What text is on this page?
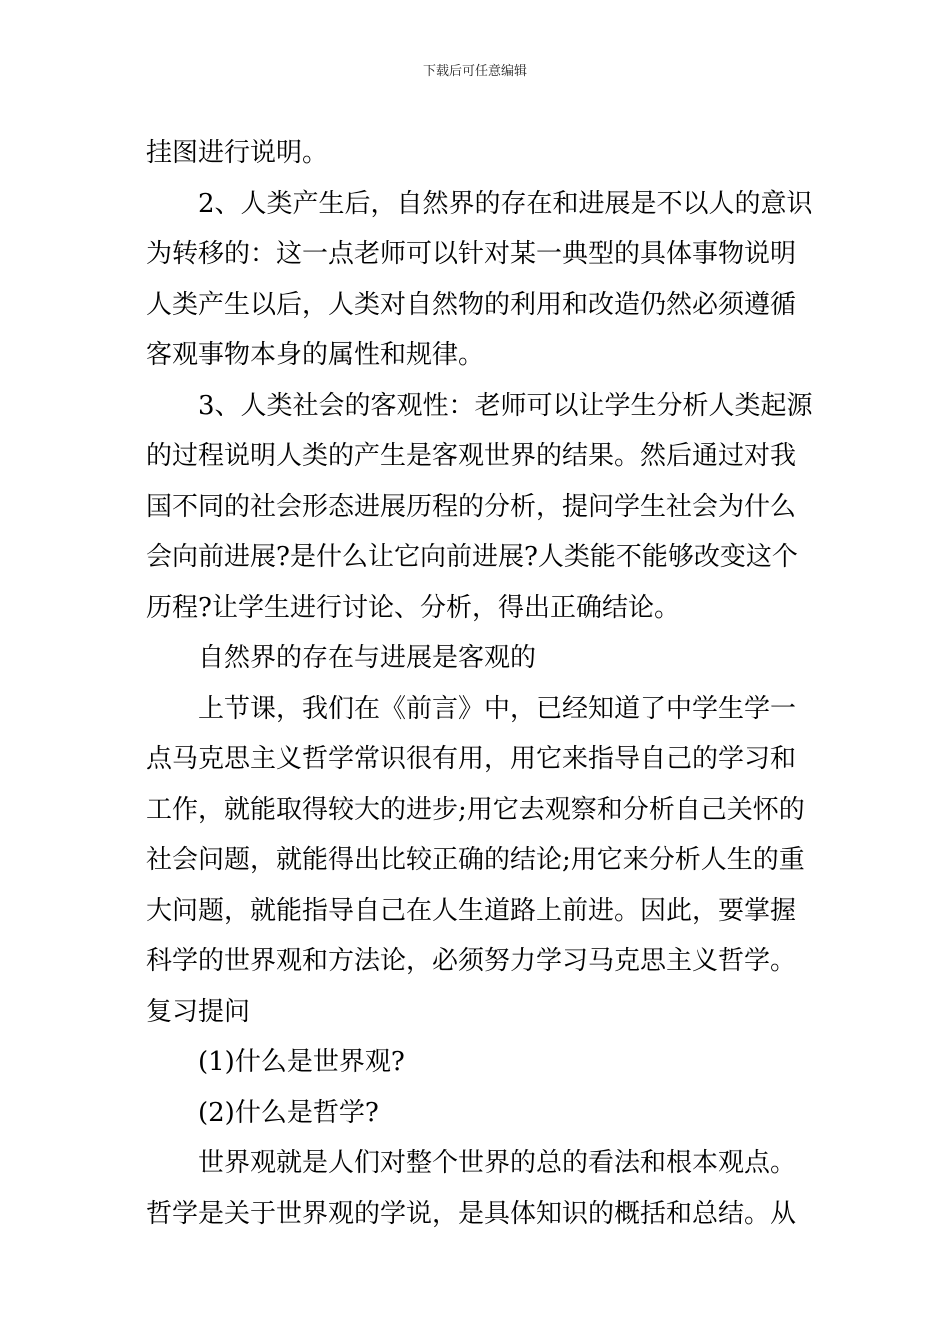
下载后可任意编辑
挂图进行说明。
2、人类产生后，自然界的存在和进展是不以人的意识
为转移的：这一点老师可以针对某一典型的具体事物说明
人类产生以后，人类对自然物的利用和改造仍然必须遵循
客观事物本身的属性和规律。
3、人类社会的客观性：老师可以让学生分析人类起源
的过程说明人类的产生是客观世界的结果。然后通过对我
国不同的社会形态进展历程的分析，提问学生社会为什么
会向前进展?是什么让它向前进展?人类能不能够改变这个
历程?让学生进行讨论、分析，得出正确结论。
自然界的存在与进展是客观的
上节课，我们在《前言》中，已经知道了中学生学一
点马克思主义哲学常识很有用，用它来指导自己的学习和
工作，就能取得较大的进步;用它去观察和分析自己关怀的
社会问题，就能得出比较正确的结论;用它来分析人生的重
大问题，就能指导自己在人生道路上前进。因此，要掌握
科学的世界观和方法论，必须努力学习马克思主义哲学。
复习提问
(1)什么是世界观?
(2)什么是哲学?
世界观就是人们对整个世界的总的看法和根本观点。
哲学是关于世界观的学说，是具体知识的概括和总结。从
